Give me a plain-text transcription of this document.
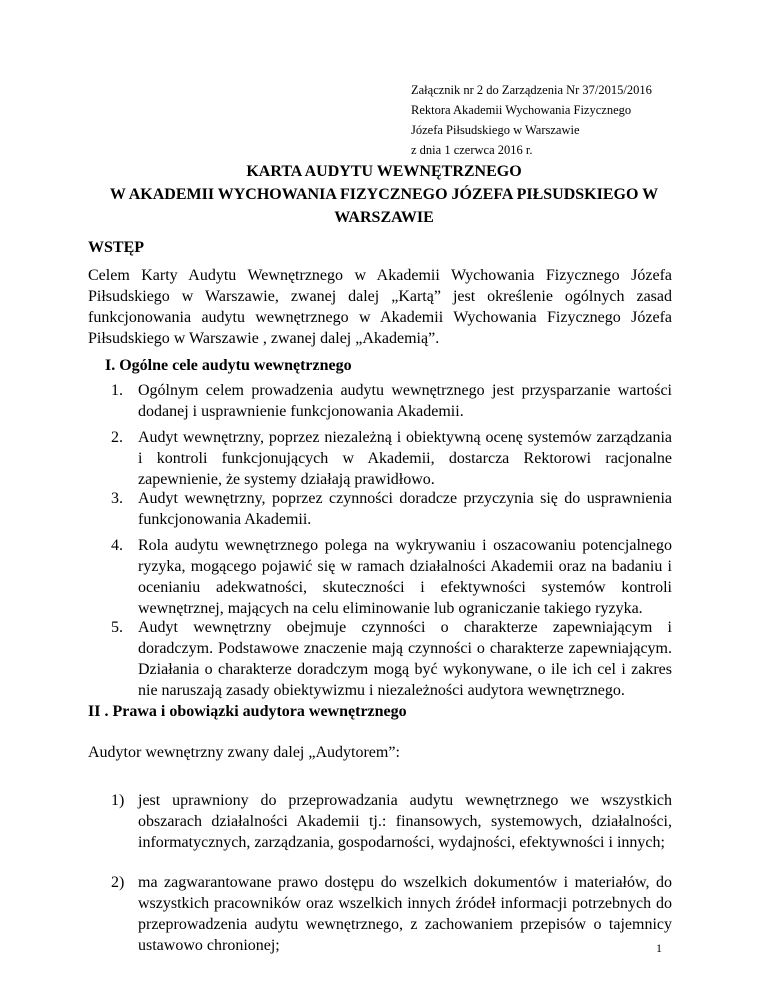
Załącznik nr 2 do Zarządzenia Nr 37/2015/2016
Rektora Akademii Wychowania Fizycznego
Józefa Piłsudskiego w Warszawie
z dnia 1 czerwca 2016 r.
KARTA AUDYTU WEWNĘTRZNEGO
W AKADEMII WYCHOWANIA FIZYCZNEGO JÓZEFA PIŁSUDSKIEGO W
WARSZAWIE
WSTĘP
Celem Karty Audytu Wewnętrznego w Akademii Wychowania Fizycznego Józefa Piłsudskiego w Warszawie, zwanej dalej „Kartą” jest określenie ogólnych zasad funkcjonowania audytu wewnętrznego w Akademii Wychowania Fizycznego Józefa Piłsudskiego w Warszawie , zwanej dalej „Akademią”.
I. Ogólne cele audytu wewnętrznego
1. Ogólnym celem prowadzenia audytu wewnętrznego jest przysparzanie wartości dodanej i usprawnienie funkcjonowania Akademii.
2. Audyt wewnętrzny, poprzez niezależną i obiektywną ocenę systemów zarządzania i kontroli funkcjonujących w Akademii, dostarcza Rektorowi racjonalne zapewnienie, że systemy działają prawidłowo.
3. Audyt wewnętrzny, poprzez czynności doradcze przyczynia się do usprawnienia funkcjonowania Akademii.
4. Rola audytu wewnętrznego polega na wykrywaniu i oszacowaniu potencjalnego ryzyka, mogącego pojawić się w ramach działalności Akademii oraz na badaniu i ocenianiu adekwatności, skuteczności i efektywności systemów kontroli wewnętrznej, mających na celu eliminowanie lub ograniczanie takiego ryzyka.
5. Audyt wewnętrzny obejmuje czynności o charakterze zapewniającym i doradczym. Podstawowe znaczenie mają czynności o charakterze zapewniającym. Działania o charakterze doradczym mogą być wykonywane, o ile ich cel i zakres nie naruszają zasady obiektywizmu i niezależności audytora wewnętrznego.
II . Prawa i obowiązki audytora wewnętrznego
Audytor wewnętrzny zwany dalej „Audytorem”:
1) jest uprawniony do przeprowadzania audytu wewnętrznego we wszystkich obszarach działalności Akademii tj.: finansowych, systemowych, działalności, informatycznych, zarządzania, gospodarności, wydajności, efektywności i innych;
2) ma zagwarantowane prawo dostępu do wszelkich dokumentów i materiałów, do wszystkich pracowników oraz wszelkich innych źródeł informacji potrzebnych do przeprowadzenia audytu wewnętrznego, z zachowaniem przepisów o tajemnicy ustawowo chronionej;	1
